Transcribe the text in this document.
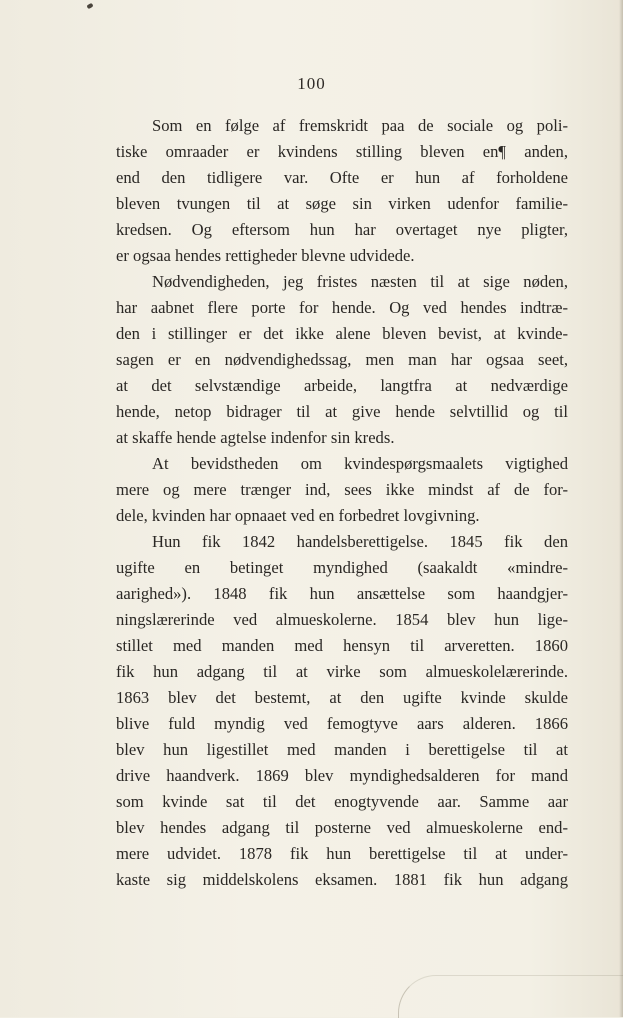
100
Som en følge af fremskridt paa de sociale og poli-
tiske omraader er kvindens stilling bleven en¶ anden,
end den tidligere var. Ofte er hun af forholdene
bleven tvungen til at søge sin virken udenfor familie-
kredsen. Og eftersom hun har overtaget nye pligter,
er ogsaa hendes rettigheder blevne udvidede.
Nødvendigheden, jeg fristes næsten til at sige nøden,
har aabnet flere porte for hende. Og ved hendes indtræ-
den i stillinger er det ikke alene bleven bevist, at kvinde-
sagen er en nødvendighedssag, men man har ogsaa seet,
at det selvstændige arbeide, langtfra at nedværdige
hende, netop bidrager til at give hende selvtillid og til
at skaffe hende agtelse indenfor sin kreds.
At bevidstheden om kvindespørgsmaalets vigtighed
mere og mere trænger ind, sees ikke mindst af de for-
dele, kvinden har opnaaet ved en forbedret lovgivning.
Hun fik 1842 handelsberettigelse. 1845 fik den
ugifte en betinget myndighed (saakaldt «mindre-
aarighed»). 1848 fik hun ansættelse som haandgjer-
ningslærerinde ved almueskolerne. 1854 blev hun lige-
stillet med manden med hensyn til arveretten. 1860
fik hun adgang til at virke som almueskolelærerinde.
1863 blev det bestemt, at den ugifte kvinde skulde
blive fuld myndig ved femogtyve aars alderen. 1866
blev hun ligestillet med manden i berettigelse til at
drive haandverk. 1869 blev myndighedsalderen for mand
som kvinde sat til det enogtyvende aar. Samme aar
blev hendes adgang til posterne ved almueskolerne end-
mere udvidet. 1878 fik hun berettigelse til at under-
kaste sig middelskolens eksamen. 1881 fik hun adgang
